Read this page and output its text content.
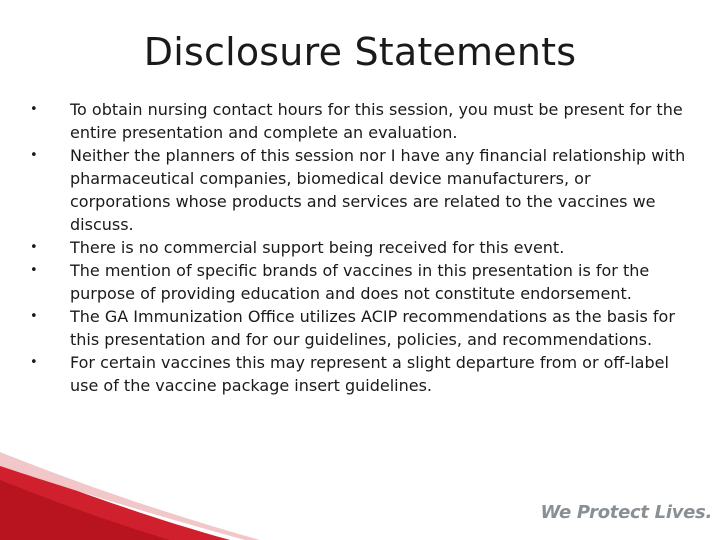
Disclosure Statements
• To obtain nursing contact hours for this session, you must be present for the entire presentation and complete an evaluation.
• Neither the planners of this session nor I have any financial relationship with pharmaceutical companies, biomedical device manufacturers, or corporations whose products and services are related to the vaccines we discuss.
• There is no commercial support being received for this event.
• The mention of specific brands of vaccines in this presentation is for the purpose of providing education and does not constitute endorsement.
• The GA Immunization Office utilizes ACIP recommendations as the basis for this presentation and for our guidelines, policies, and recommendations.
• For certain vaccines this may represent a slight departure from or off-label use of the vaccine package insert guidelines.
We Protect Lives.
